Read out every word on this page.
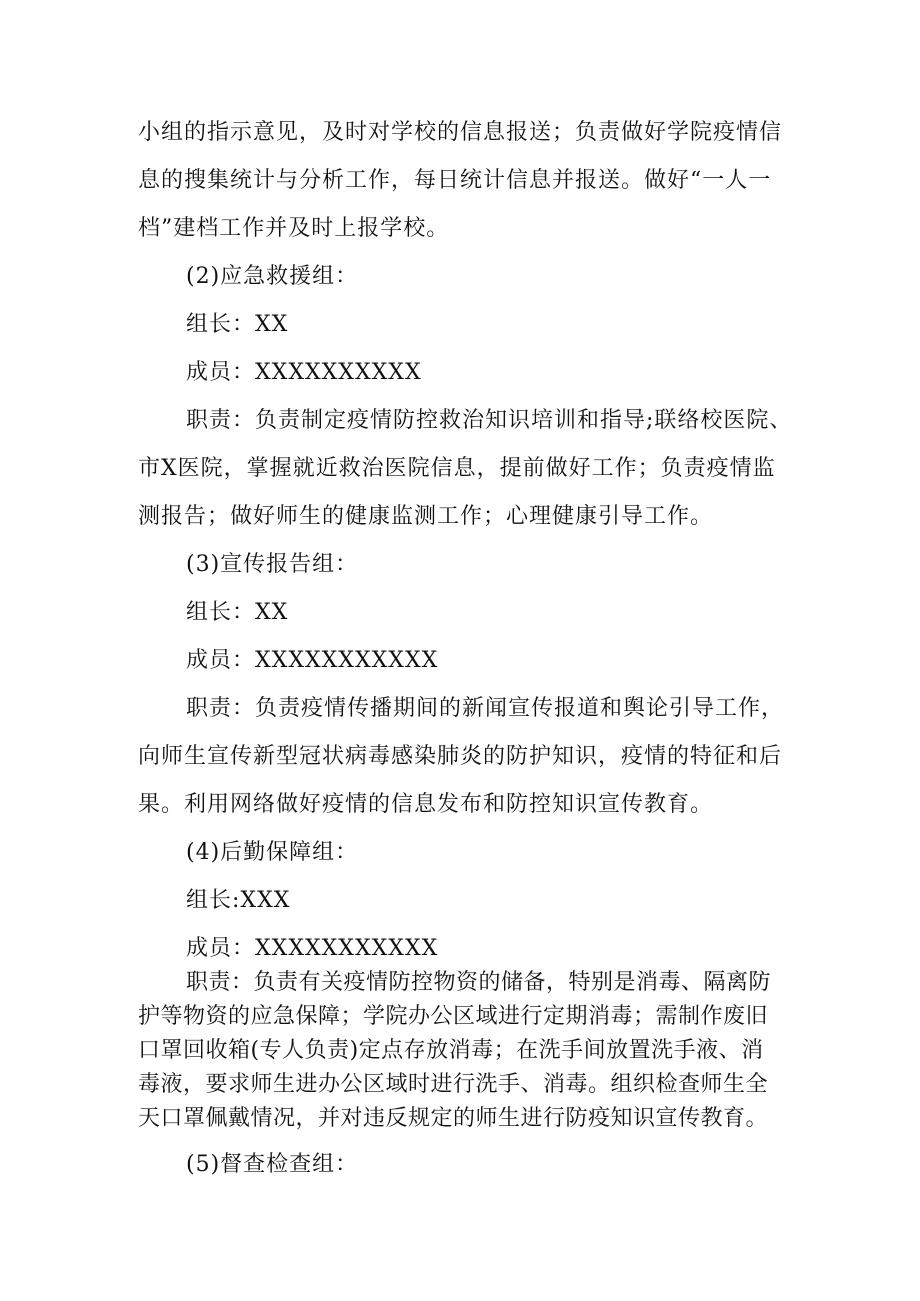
小组的指示意见，及时对学校的信息报送；负责做好学院疫情信
息的搜集统计与分析工作，每日统计信息并报送。做好“一人一
档”建档工作并及时上报学校。
(2)应急救援组：
组长：XX
成员：XXXXXXXXXX
职责：负责制定疫情防控救治知识培训和指导;联络校医院、
市X医院，掌握就近救治医院信息，提前做好工作；负责疫情监
测报告；做好师生的健康监测工作；心理健康引导工作。
(3)宣传报告组：
组长：XX
成员：XXXXXXXXXXX
职责：负责疫情传播期间的新闻宣传报道和舆论引导工作，
向师生宣传新型冠状病毒感染肺炎的防护知识，疫情的特征和后
果。利用网络做好疫情的信息发布和防控知识宣传教育。
(4)后勤保障组：
组长:XXX
成员：XXXXXXXXXXX
职责：负责有关疫情防控物资的储备，特别是消毒、隔离防
护等物资的应急保障；学院办公区域进行定期消毒；需制作废旧
口罩回收箱(专人负责)定点存放消毒；在洗手间放置洗手液、消
毒液，要求师生进办公区域时进行洗手、消毒。组织检查师生全
天口罩佩戴情况，并对违反规定的师生进行防疫知识宣传教育。
(5)督查检查组：
